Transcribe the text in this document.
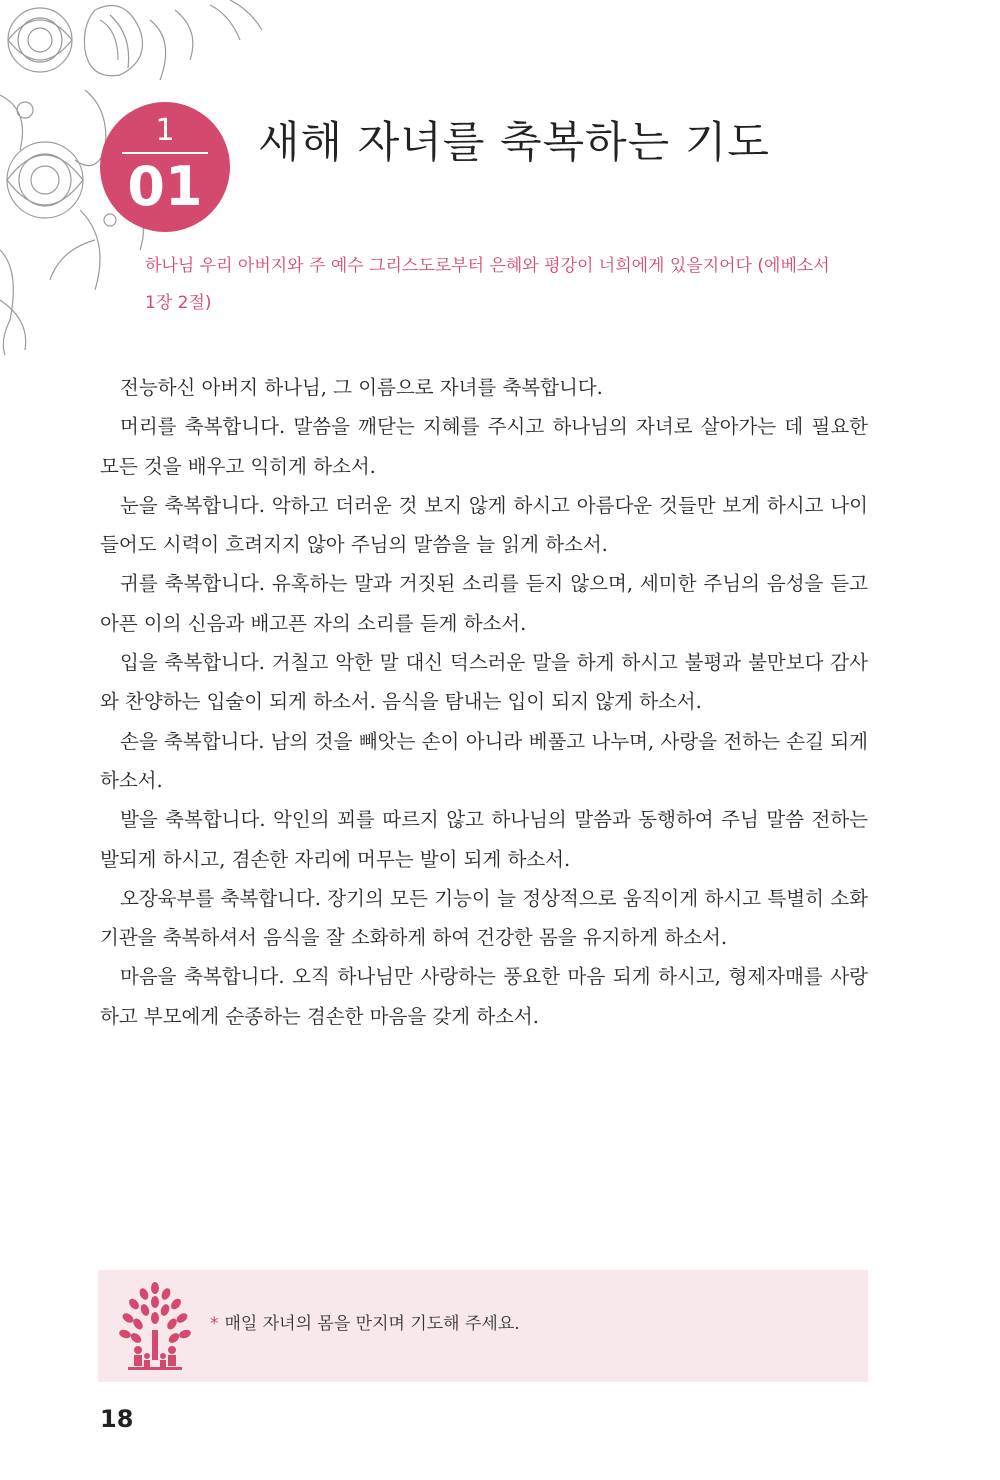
1
01
새해 자녀를 축복하는 기도
하나님 우리 아버지와 주 예수 그리스도로부터 은혜와 평강이 너희에게 있을지어다 (에베소서 1장 2절)

전능하신 아버지 하나님, 그 이름으로 자녀를 축복합니다.

머리를 축복합니다. 말씀을 깨닫는 지혜를 주시고 하나님의 자녀로 살아가는 데 필요한 모든 것을 배우고 익히게 하소서.

눈을 축복합니다. 악하고 더러운 것 보지 않게 하시고 아름다운 것들만 보게 하시고 나이 들어도 시력이 흐려지지 않아 주님의 말씀을 늘 읽게 하소서.

귀를 축복합니다. 유혹하는 말과 거짓된 소리를 듣지 않으며, 세미한 주님의 음성을 듣고 아픈 이의 신음과 배고픈 자의 소리를 듣게 하소서.

입을 축복합니다. 거칠고 악한 말 대신 덕스러운 말을 하게 하시고 불평과 불만보다 감사와 찬양하는 입술이 되게 하소서. 음식을 탐내는 입이 되지 않게 하소서.

손을 축복합니다. 남의 것을 빼앗는 손이 아니라 베풀고 나누며, 사랑을 전하는 손길 되게 하소서.

발을 축복합니다. 악인의 꾀를 따르지 않고 하나님의 말씀과 동행하여 주님 말씀 전하는 발되게 하시고, 겸손한 자리에 머무는 발이 되게 하소서.

오장육부를 축복합니다. 장기의 모든 기능이 늘 정상적으로 움직이게 하시고 특별히 소화기관을 축복하셔서 음식을 잘 소화하게 하여 건강한 몸을 유지하게 하소서.

마음을 축복합니다. 오직 하나님만 사랑하는 풍요한 마음 되게 하시고, 형제자매를 사랑하고 부모에게 순종하는 겸손한 마음을 갖게 하소서.

* 매일 자녀의 몸을 만지며 기도해 주세요.
18
